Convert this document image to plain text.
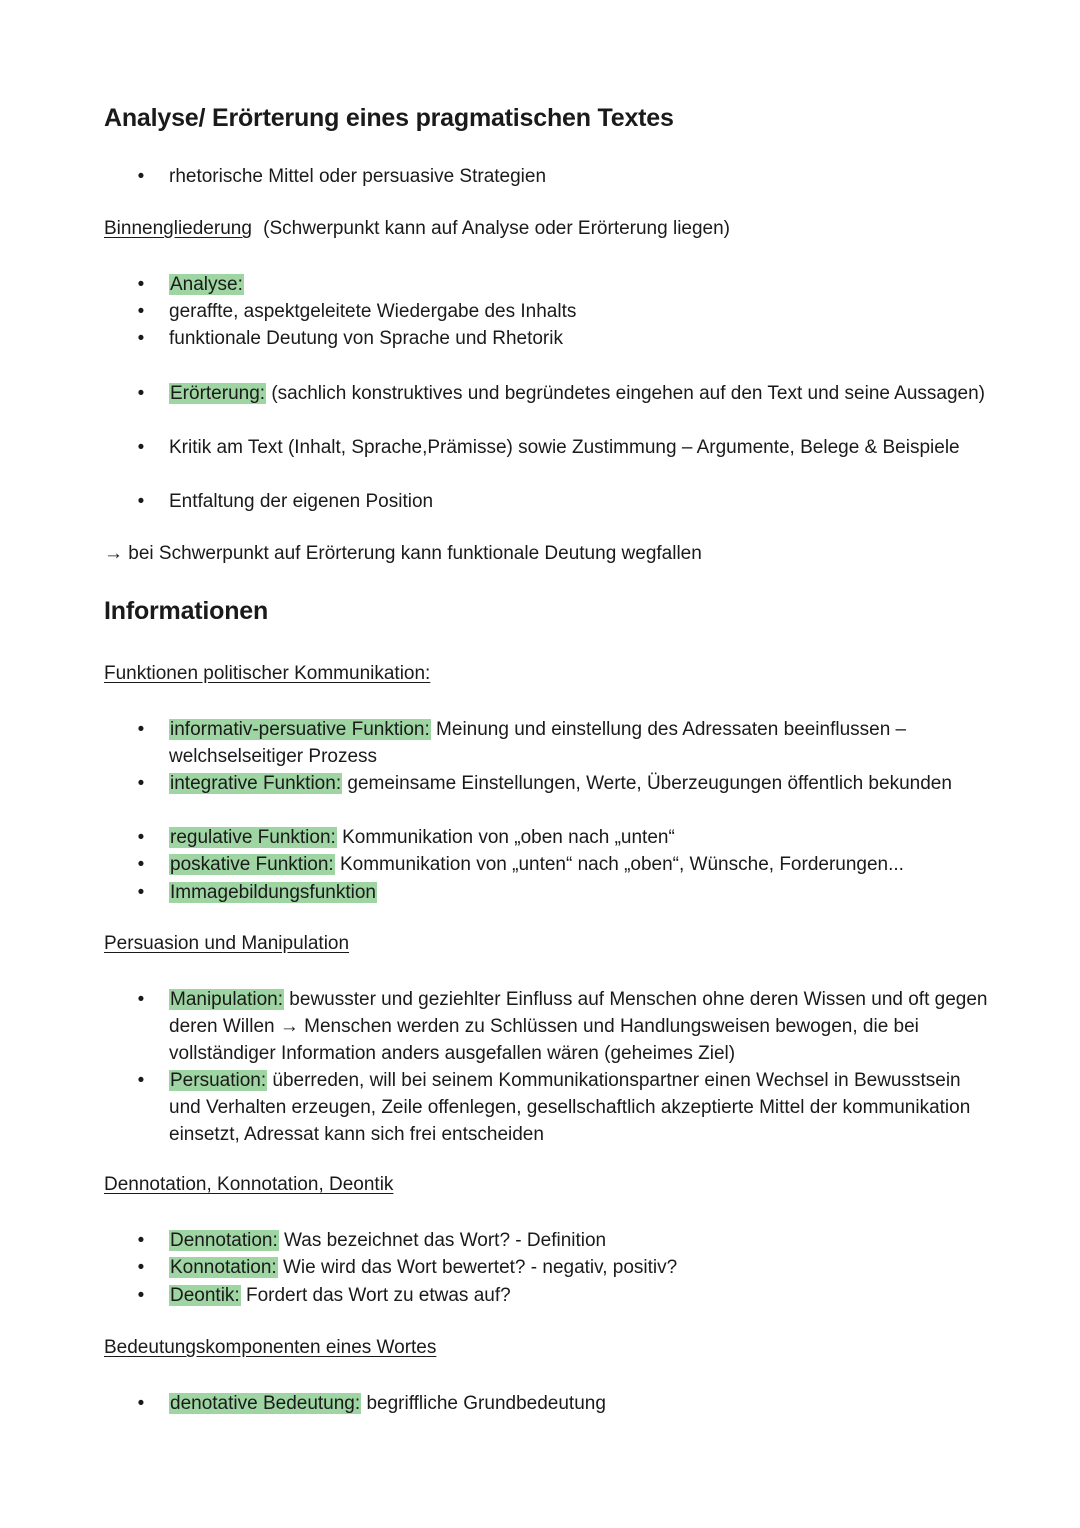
Analyse/ Erörterung eines pragmatischen Textes
• rhetorische Mittel oder persuasive Strategien
Binnengliederung (Schwerpunkt kann auf Analyse oder Erörterung liegen)
• Analyse:
• geraffte, aspektgeleitete Wiedergabe des Inhalts
• funktionale Deutung von Sprache und Rhetorik
• Erörterung: (sachlich konstruktives und begründetes eingehen auf den Text und seine Aussagen)
• Kritik am Text (Inhalt, Sprache,Prämisse) sowie Zustimmung – Argumente, Belege & Beispiele
• Entfaltung der eigenen Position
→ bei Schwerpunkt auf Erörterung kann funktionale Deutung wegfallen
Informationen
Funktionen politischer Kommunikation:
• informativ-persuative Funktion: Meinung und einstellung des Adressaten beeinflussen – welchselseitiger Prozess
• integrative Funktion: gemeinsame Einstellungen, Werte, Überzeugungen öffentlich bekunden
• regulative Funktion: Kommunikation von „oben nach „unten“
• poskative Funktion: Kommunikation von „unten“ nach „oben“, Wünsche, Forderungen...
• Immagebildungsfunktion
Persuasion und Manipulation
• Manipulation: bewusster und geziehlter Einfluss auf Menschen ohne deren Wissen und oft gegen deren Willen → Menschen werden zu Schlüssen und Handlungsweisen bewogen, die bei vollständiger Information anders ausgefallen wären (geheimes Ziel)
• Persuation: überreden, will bei seinem Kommunikationspartner einen Wechsel in Bewusstsein und Verhalten erzeugen, Zeile offenlegen, gesellschaftlich akzeptierte Mittel der kommunikation einsetzt, Adressat kann sich frei entscheiden
Dennotation, Konnotation, Deontik
• Dennotation: Was bezeichnet das Wort? - Definition
• Konnotation: Wie wird das Wort bewertet? - negativ, positiv?
• Deontik: Fordert das Wort zu etwas auf?
Bedeutungskomponenten eines Wortes
• denotative Bedeutung: begriffliche Grundbedeutung
